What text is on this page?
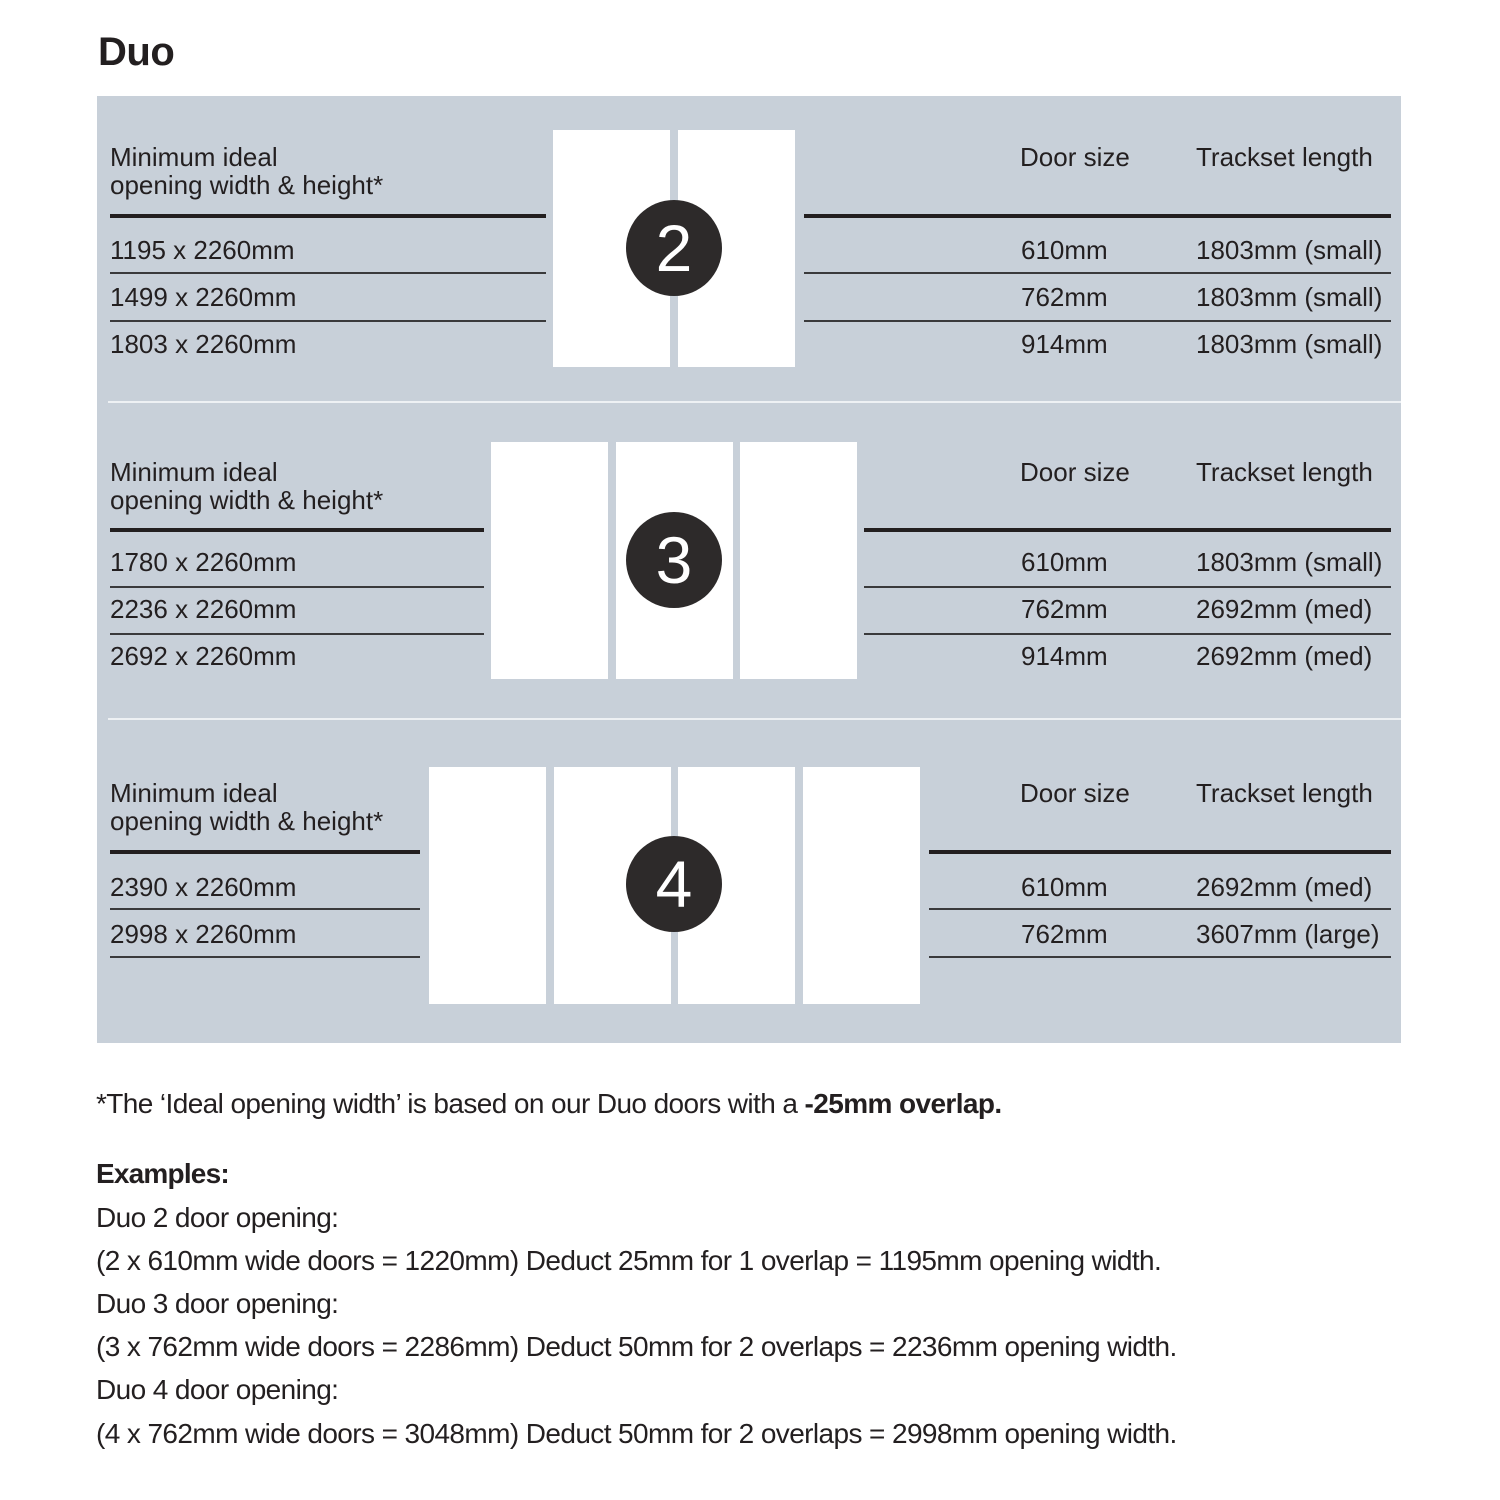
Duo
Minimum ideal
opening width & height*
Door size	Trackset length
1195 x 2260mm	610mm	1803mm (small)
1499 x 2260mm	762mm	1803mm (small)
1803 x 2260mm	914mm	1803mm (small)
2
Minimum ideal
opening width & height*
Door size	Trackset length
1780 x 2260mm	610mm	1803mm (small)
2236 x 2260mm	762mm	2692mm (med)
2692 x 2260mm	914mm	2692mm (med)
3
Minimum ideal
opening width & height*
Door size	Trackset length
2390 x 2260mm	610mm	2692mm (med)
2998 x 2260mm	762mm	3607mm (large)
4
*The ‘Ideal opening width’ is based on our Duo doors with a -25mm overlap.
Examples:
Duo 2 door opening:
(2 x 610mm wide doors = 1220mm) Deduct 25mm for 1 overlap = 1195mm opening width.
Duo 3 door opening:
(3 x 762mm wide doors = 2286mm) Deduct 50mm for 2 overlaps = 2236mm opening width.
Duo 4 door opening:
(4 x 762mm wide doors = 3048mm) Deduct 50mm for 2 overlaps = 2998mm opening width.
